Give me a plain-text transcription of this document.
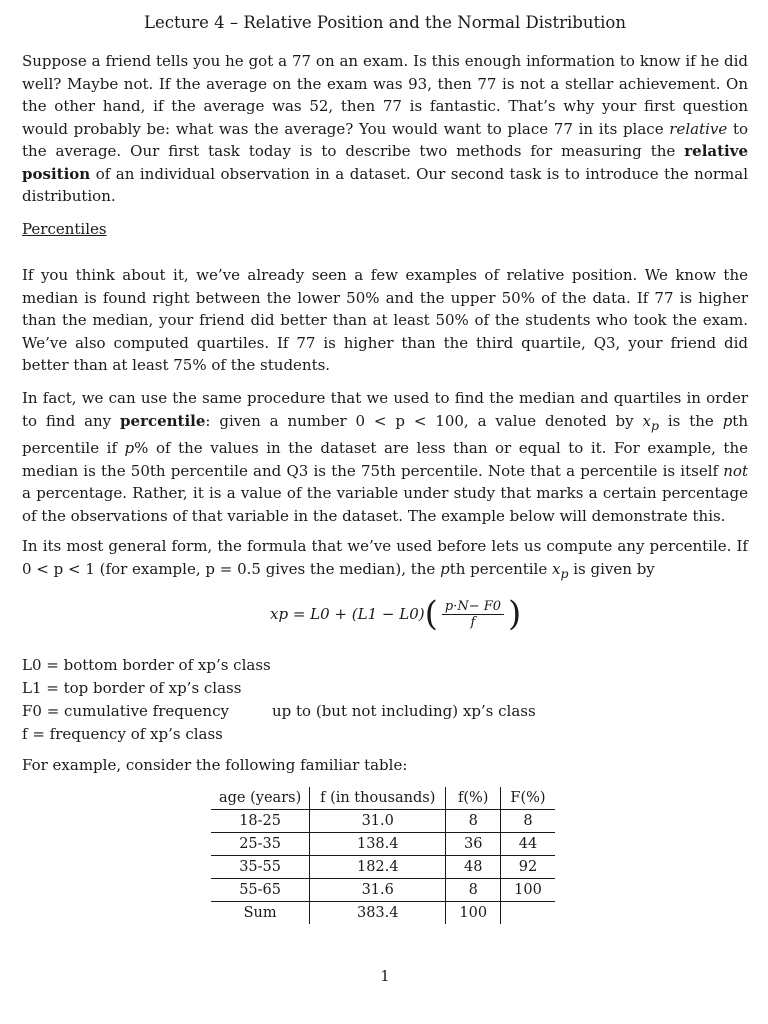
Lecture 4 – Relative Position and the Normal Distribution
Suppose a friend tells you he got a 77 on an exam. Is this enough information to know if he did well? Maybe not. If the average on the exam was 93, then 77 is not a stellar achievement. On the other hand, if the average was 52, then 77 is fantastic. That’s why your first question would probably be: what was the average? You would want to place 77 in its place relative to the average. Our first task today is to describe two methods for measuring the relative position of an individual observation in a dataset. Our second task is to introduce the normal distribution.
Percentiles
If you think about it, we’ve already seen a few examples of relative position. We know the median is found right between the lower 50% and the upper 50% of the data. If 77 is higher than the median, your friend did better than at least 50% of the students who took the exam. We’ve also computed quartiles. If 77 is higher than the third quartile, Q3, your friend did better than at least 75% of the students.
In fact, we can use the same procedure that we used to find the median and quartiles in order to find any percentile: given a number 0 < p < 100, a value denoted by $x_p$ is the pth percentile if p% of the values in the dataset are less than or equal to it. For example, the median is the 50th percentile and Q3 is the 75th percentile. Note that a percentile is itself not a percentage. Rather, it is a value of the variable under study that marks a certain percentage of the observations of that variable in the dataset. The example below will demonstrate this.
In its most general form, the formula that we’ve used before lets us compute any percentile. If 0 < p < 1 (for example, p = 0.5 gives the median), the pth percentile $x_p$ is given by
xp = L0 + (L1 − L0) ( $\frac{p\cdot N- F0}{f}$ )
L0 = bottom border of xp’s class
L1 = top border of xp’s class
F0 = cumulative frequency	up to (but not including) xp’s class
f = frequency of xp’s class
For example, consider the following familiar table:
age (years)	f (in thousands)	f(%)	F(%)
18-25	31.0	8	8
25-35	138.4	36	44
35-55	182.4	48	92
55-65	31.6	8	100
Sum	383.4	100	
1
